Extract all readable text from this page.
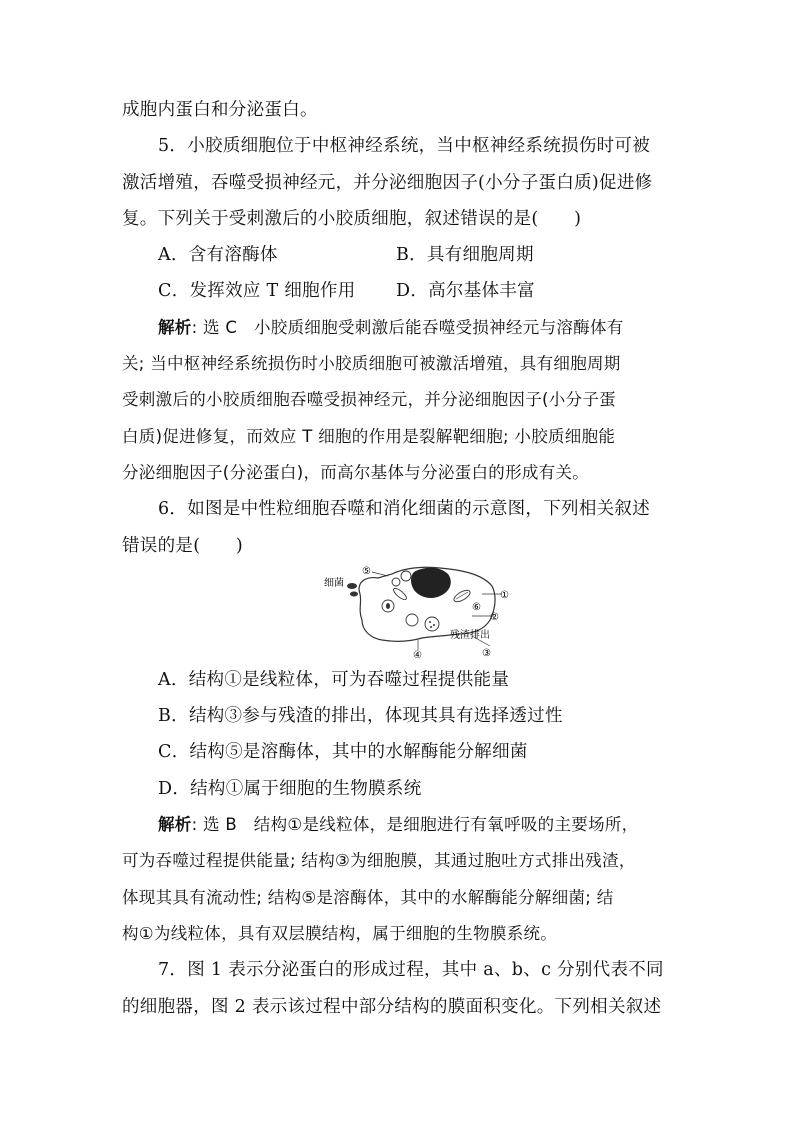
成胞内蛋白和分泌蛋白。
5．小胶质细胞位于中枢神经系统，当中枢神经系统损伤时可被
激活增殖，吞噬受损神经元，并分泌细胞因子(小分子蛋白质)促进修
复。下列关于受刺激后的小胶质细胞，叙述错误的是(　　)
A．含有溶酶体	B．具有细胞周期
C．发挥效应 T 细胞作用	D．高尔基体丰富
解析: 选 C　小胶质细胞受刺激后能吞噬受损神经元与溶酶体有
关; 当中枢神经系统损伤时小胶质细胞可被激活增殖，具有细胞周期
受刺激后的小胶质细胞吞噬受损神经元，并分泌细胞因子(小分子蛋
白质)促进修复，而效应 T 细胞的作用是裂解靶细胞; 小胶质细胞能
分泌细胞因子(分泌蛋白)，而高尔基体与分泌蛋白的形成有关。
6．如图是中性粒细胞吞噬和消化细菌的示意图，下列相关叙述
错误的是(　　)
细菌
残渣排出
①
②
③
④
⑤
⑥
A．结构①是线粒体，可为吞噬过程提供能量
B．结构③参与残渣的排出，体现其具有选择透过性
C．结构⑤是溶酶体，其中的水解酶能分解细菌
D．结构①属于细胞的生物膜系统
解析: 选 B　结构①是线粒体，是细胞进行有氧呼吸的主要场所，
可为吞噬过程提供能量; 结构③为细胞膜，其通过胞吐方式排出残渣，
体现其具有流动性; 结构⑤是溶酶体，其中的水解酶能分解细菌; 结
构①为线粒体，具有双层膜结构，属于细胞的生物膜系统。
7．图 1 表示分泌蛋白的形成过程，其中 a、b、c 分别代表不同
的细胞器，图 2 表示该过程中部分结构的膜面积变化。下列相关叙述
